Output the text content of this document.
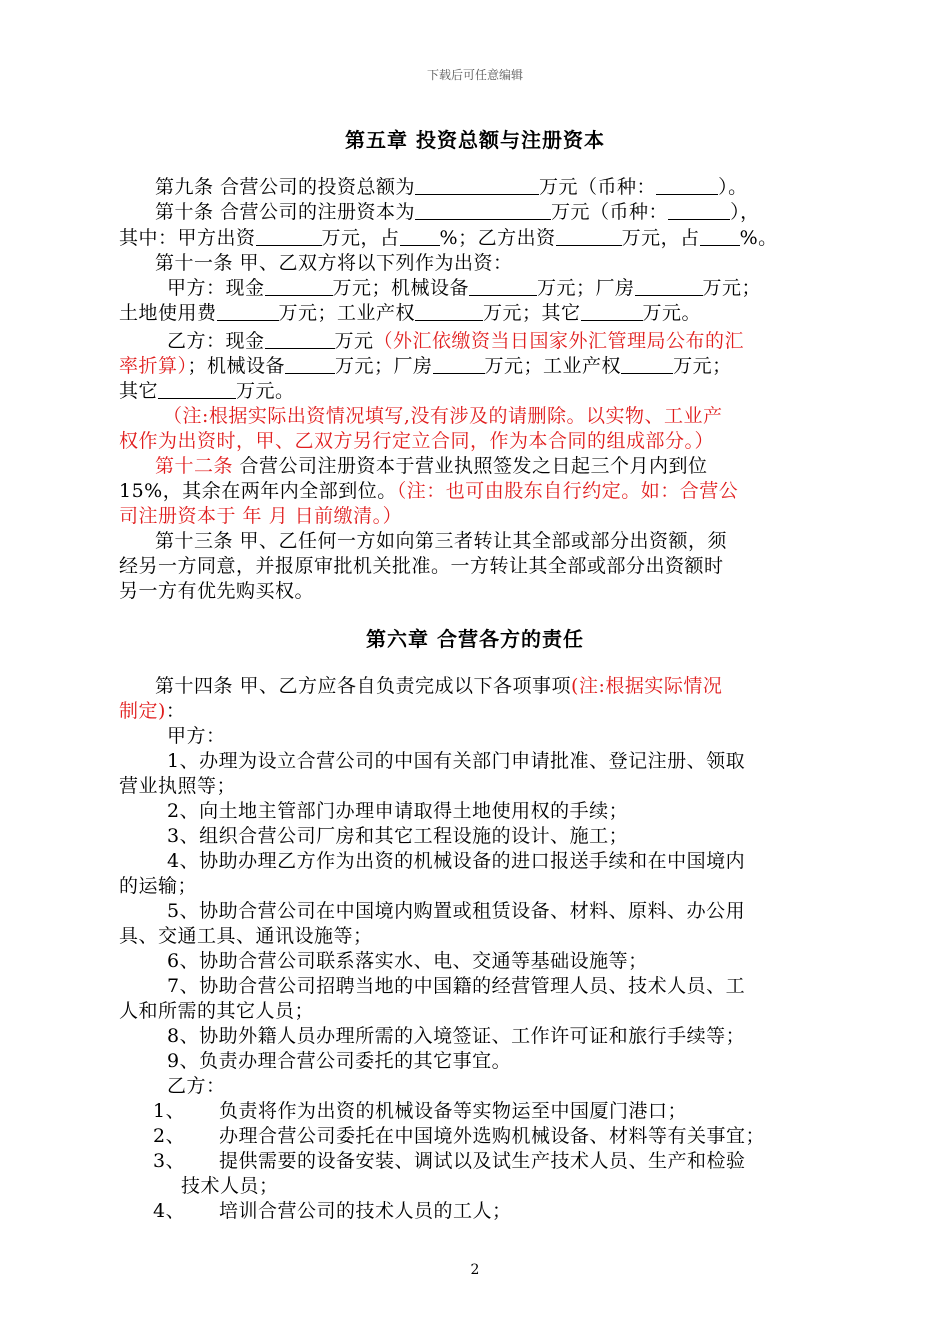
下载后可任意编辑
第五章 投资总额与注册资本
第九条 合营公司的投资总额为	万元（币种：	）。
第十条 合营公司的注册资本为	万元（币种：	），
其中：甲方出资	万元，占 %；乙方出资	万元，占 %。
第十一条 甲、乙双方将以下列作为出资：
甲方：现金	万元；机械设备	万元；厂房	万元；
土地使用费	万元；工业产权	万元；其它	万元。
乙方：现金	万元（外汇依缴资当日国家外汇管理局公布的汇
率折算）；机械设备	万元；厂房	万元；工业产权	万元；
其它	万元。
（注:根据实际出资情况填写,没有涉及的请删除。以实物、工业产
权作为出资时，甲、乙双方另行定立合同，作为本合同的组成部分。）
第十二条 合营公司注册资本于营业执照签发之日起三个月内到位
15%，其余在两年内全部到位。（注：也可由股东自行约定。如：合营公
司注册资本于 年 月 日前缴清。）
第十三条 甲、乙任何一方如向第三者转让其全部或部分出资额，须
经另一方同意，并报原审批机关批准。一方转让其全部或部分出资额时
另一方有优先购买权。
第六章 合营各方的责任
第十四条 甲、乙方应各自负责完成以下各项事项(注:根据实际情况
制定)：
甲方：
1、办理为设立合营公司的中国有关部门申请批准、登记注册、领取
营业执照等；
2、向土地主管部门办理申请取得土地使用权的手续；
3、组织合营公司厂房和其它工程设施的设计、施工；
4、协助办理乙方作为出资的机械设备的进口报送手续和在中国境内
的运输；
5、协助合营公司在中国境内购置或租赁设备、材料、原料、办公用
具、交通工具、通讯设施等；
6、协助合营公司联系落实水、电、交通等基础设施等；
7、协助合营公司招聘当地的中国籍的经营管理人员、技术人员、工
人和所需的其它人员；
8、协助外籍人员办理所需的入境签证、工作许可证和旅行手续等；
9、负责办理合营公司委托的其它事宜。
乙方：
1、 负责将作为出资的机械设备等实物运至中国厦门港口；
2、 办理合营公司委托在中国境外选购机械设备、材料等有关事宜；
3、 提供需要的设备安装、调试以及试生产技术人员、生产和检验
技术人员；
4、 培训合营公司的技术人员的工人；
2
